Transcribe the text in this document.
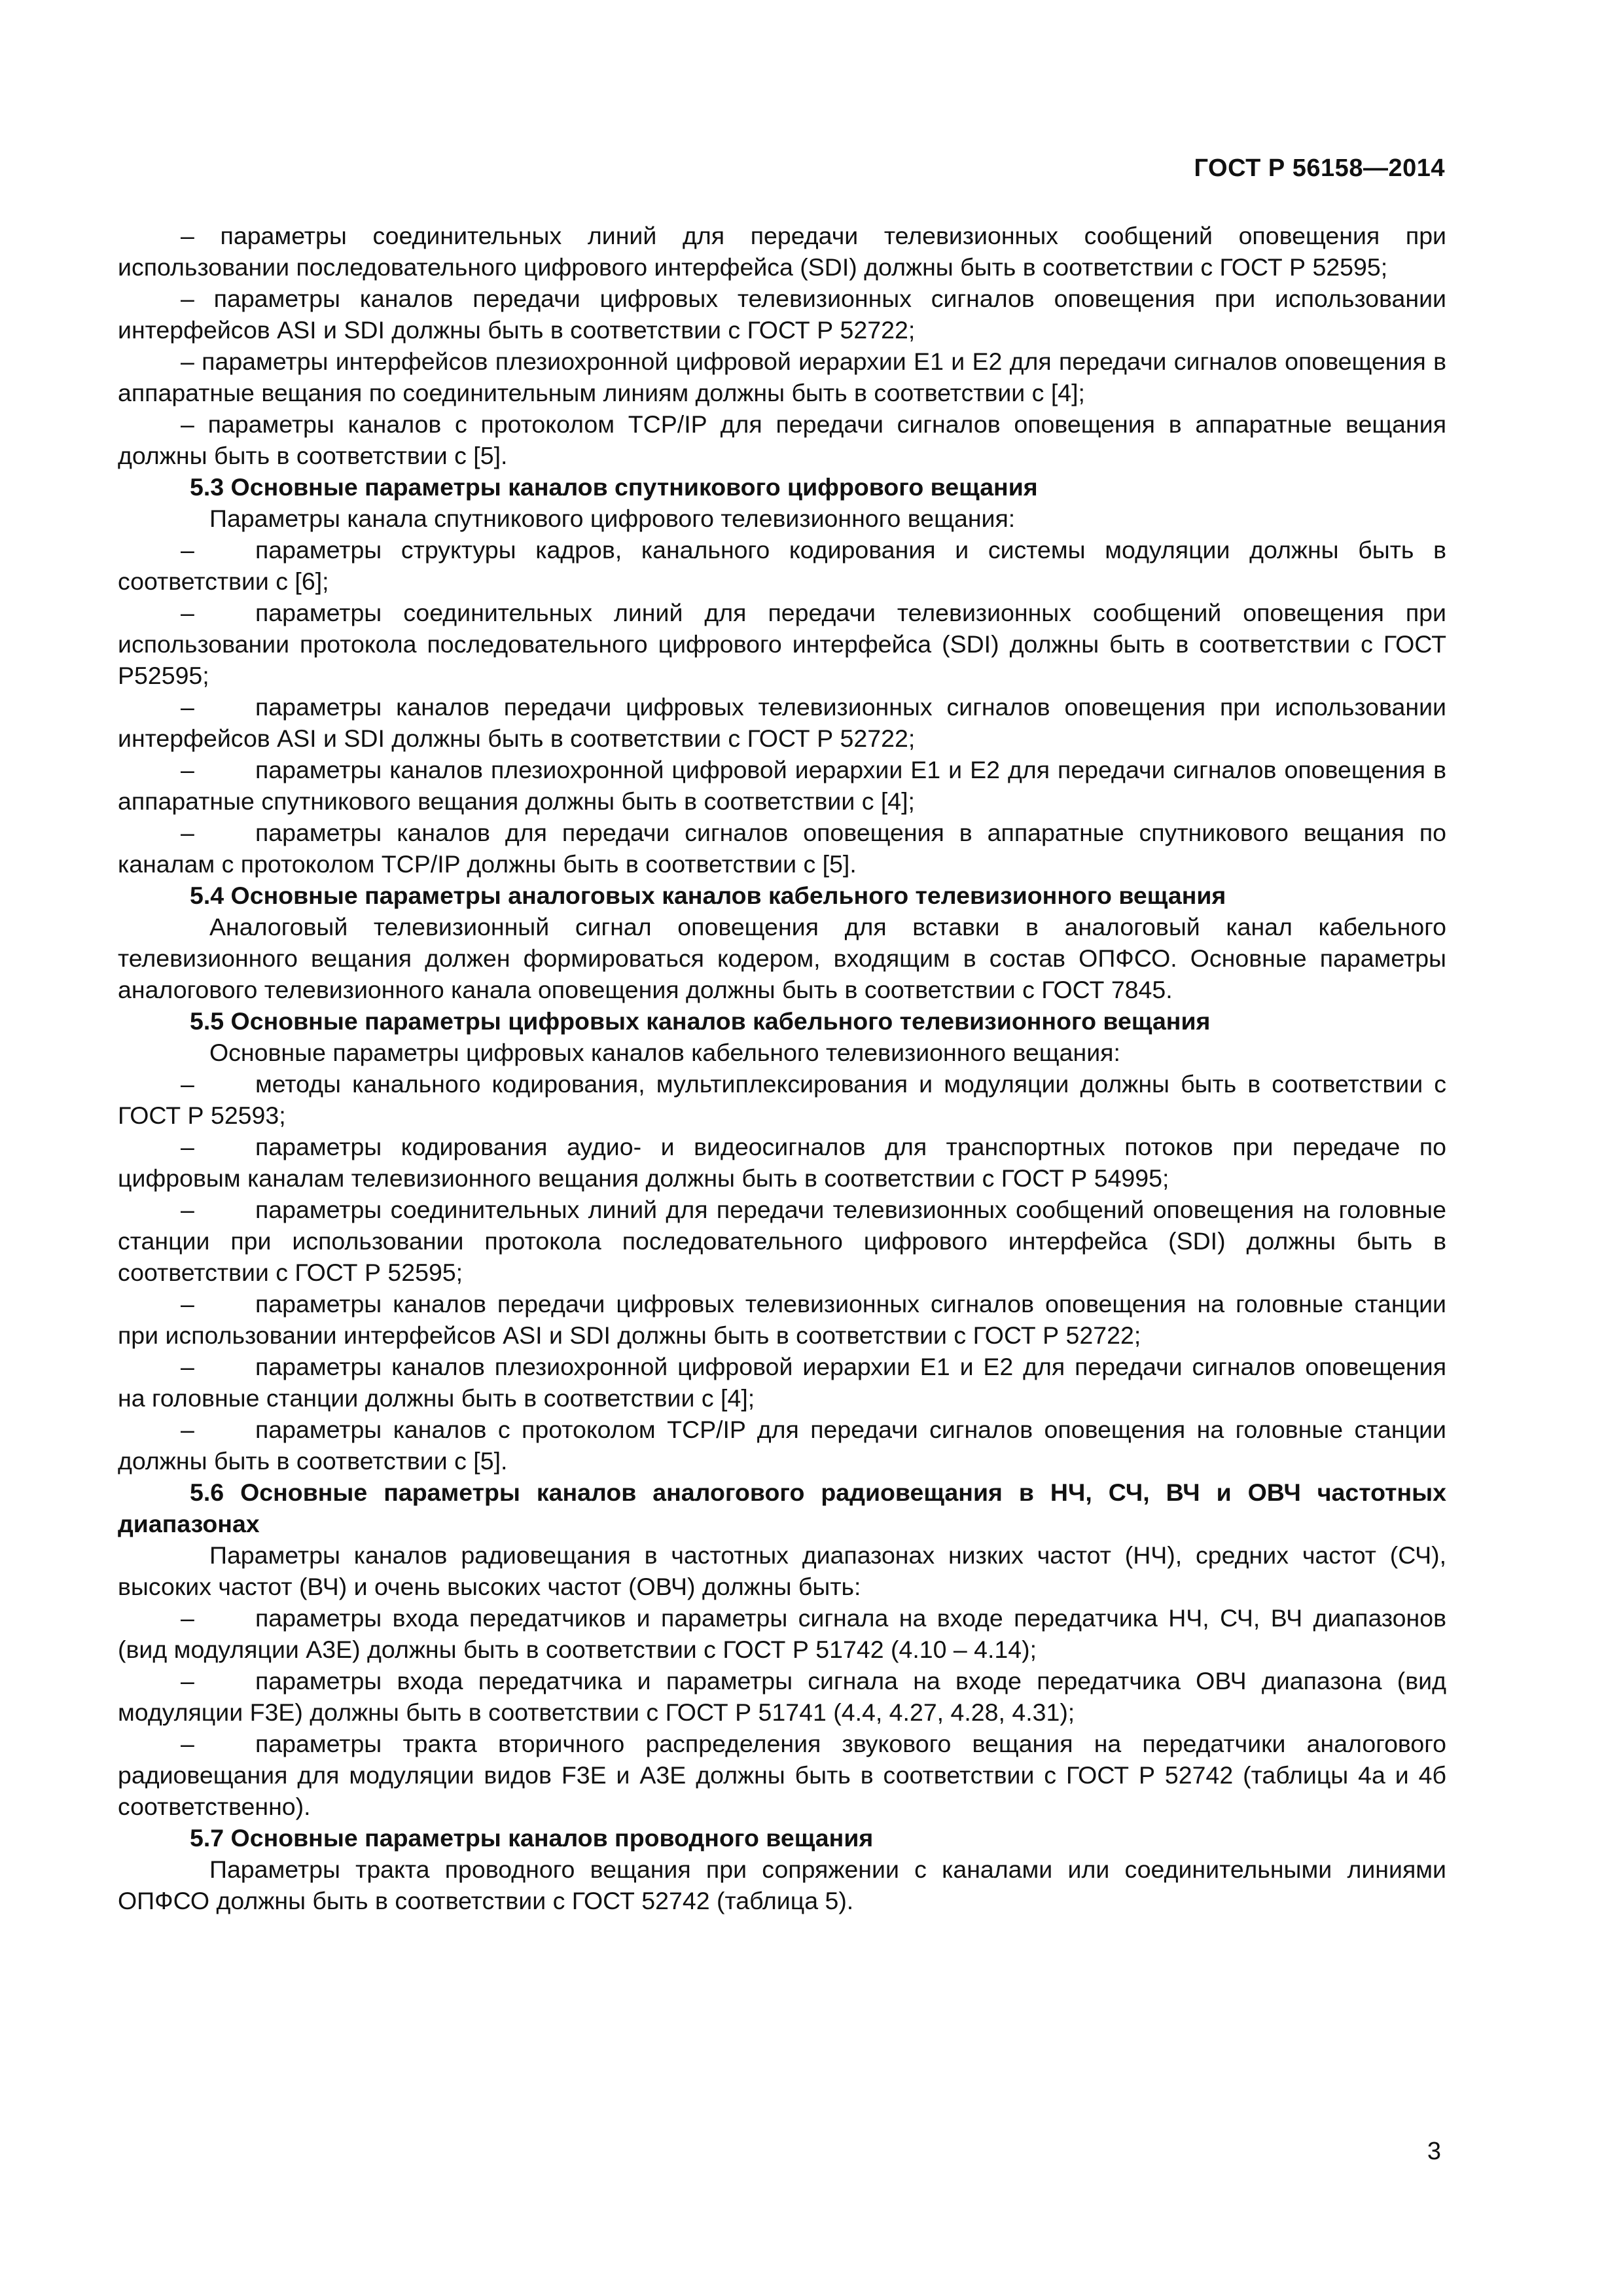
ГОСТ Р 56158—2014

– параметры соединительных линий для передачи телевизионных сообщений оповещения при использовании последовательного цифрового интерфейса (SDI) должны быть в соответствии с ГОСТ Р 52595;

– параметры каналов передачи цифровых телевизионных сигналов оповещения при использовании интерфейсов ASI и SDI должны быть в соответствии с ГОСТ Р 52722;

– параметры интерфейсов плезиохронной цифровой иерархии Е1 и Е2 для передачи сигналов оповещения в аппаратные вещания по соединительным линиям должны быть в соответствии с [4];

– параметры каналов с протоколом TCP/IP для передачи сигналов оповещения в аппаратные вещания должны быть в соответствии с [5].

5.3 Основные параметры каналов спутникового цифрового вещания

Параметры канала спутникового цифрового телевизионного вещания:

– параметры структуры кадров, канального кодирования и системы модуляции должны быть в соответствии с [6];

– параметры соединительных линий для передачи телевизионных сообщений оповещения при использовании протокола последовательного цифрового интерфейса (SDI) должны быть в соответствии с ГОСТ Р52595;

– параметры каналов передачи цифровых телевизионных сигналов оповещения при использовании интерфейсов ASI и SDI должны быть в соответствии с ГОСТ Р 52722;

– параметры каналов плезиохронной цифровой иерархии Е1 и Е2 для передачи сигналов оповещения в аппаратные спутникового вещания должны быть в соответствии с [4];

– параметры каналов для передачи сигналов оповещения в аппаратные спутникового вещания по каналам с протоколом TCP/IP должны быть в соответствии с [5].

5.4 Основные параметры аналоговых каналов кабельного телевизионного вещания

Аналоговый телевизионный сигнал оповещения для вставки в аналоговый канал кабельного телевизионного вещания должен формироваться кодером, входящим в состав ОПФСО. Основные параметры аналогового телевизионного канала оповещения должны быть в соответствии с ГОСТ 7845.

5.5 Основные параметры цифровых каналов кабельного телевизионного вещания

Основные параметры цифровых каналов кабельного телевизионного вещания:

– методы канального кодирования, мультиплексирования и модуляции должны быть в соответствии с ГОСТ Р 52593;

– параметры кодирования аудио- и видеосигналов для транспортных потоков при передаче по цифровым каналам телевизионного вещания должны быть в соответствии с ГОСТ Р 54995;

– параметры соединительных линий для передачи телевизионных сообщений оповещения на головные станции при использовании протокола последовательного цифрового интерфейса (SDI) должны быть в соответствии с ГОСТ Р 52595;

– параметры каналов передачи цифровых телевизионных сигналов оповещения на головные станции при использовании интерфейсов ASI и SDI должны быть в соответствии с ГОСТ Р 52722;

– параметры каналов плезиохронной цифровой иерархии Е1 и Е2 для передачи сигналов оповещения на головные станции должны быть в соответствии с [4];

– параметры каналов с протоколом TCP/IP для передачи сигналов оповещения на головные станции должны быть в соответствии с [5].

5.6 Основные параметры каналов аналогового радиовещания в НЧ, СЧ, ВЧ и ОВЧ частотных диапазонах

Параметры каналов радиовещания в частотных диапазонах низких частот (НЧ), средних частот (СЧ), высоких частот (ВЧ) и очень высоких частот (ОВЧ) должны быть:

– параметры входа передатчиков и параметры сигнала на входе передатчика НЧ, СЧ, ВЧ диапазонов (вид модуляции А3Е) должны быть в соответствии с ГОСТ Р 51742 (4.10 – 4.14);

– параметры входа передатчика и параметры сигнала на входе передатчика ОВЧ диапазона (вид модуляции F3E) должны быть в соответствии с ГОСТ Р 51741 (4.4, 4.27, 4.28, 4.31);

– параметры тракта вторичного распределения звукового вещания на передатчики аналогового радиовещания для модуляции видов F3E и А3Е должны быть в соответствии с ГОСТ Р 52742 (таблицы 4а и 4б соответственно).

5.7 Основные параметры каналов проводного вещания

Параметры тракта проводного вещания при сопряжении с каналами или соединительными линиями ОПФСО должны быть в соответствии с ГОСТ 52742 (таблица 5).

3
